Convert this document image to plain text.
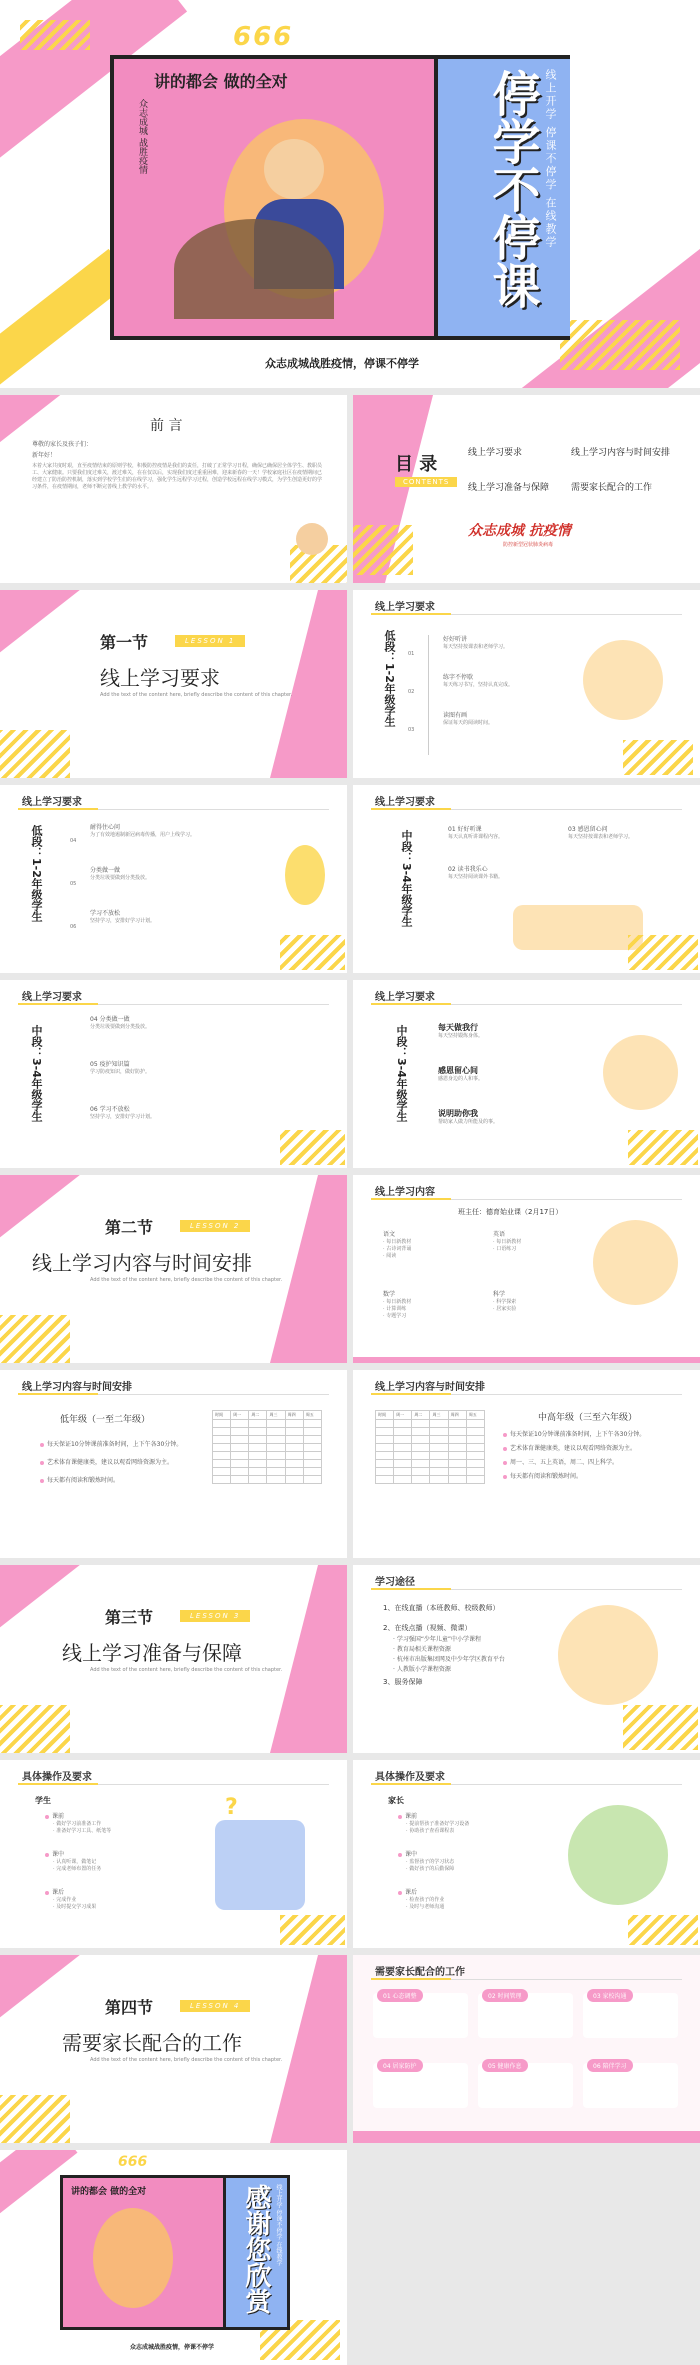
666
讲的都会 做的全对
众志成城 战胜疫情	停学不停课 线上开学 停课不停学 在线教学
众志成城战胜疫情，停课不停学
前 言
尊敬的家长及孩子们：
新年好！
本着大家共度时艰，直至疫情结束的原则学校，积极防控疫情是我们的责任，打破了正常学习日程，确保已确保居全体学生、教职员工、大家健康。只要我们度过难关，渡过难关，在在仅以后，实现我们度过重重困难，迎来新春的一天！学校家庭社区在疫情期间已经建立了防治防控机制，落实到学校学生们的在线学习，强化学生远程学习过程，创造学校远程在线学习模式，为学生创造更好的学习条件，在疫情期间，老师不断完善线上教学的水平。
目 录
CONTENTS
线上学习要求	线上学习内容与时间安排
线上学习准备与保障 需要家长配合的工作
众志成城 抗疫情
防控新型冠状肺炎病毒
第一节	LESSON 1
线上学习要求
Add the text of the content here, briefly describe the content of this chapter.
线上学习要求
低段：1-2年级学生 01
好好听讲
每天坚持按课表和老师学习。
02
练字不停歇
每天练习书写，坚持认真完成。
03
读图有画
保证每天的阅读时间。
线上学习要求
低段：1-2年级学生	04
耐得住心问
为了有效地遏制新冠病毒传播，用户上线学习。
05
分类做一做
分类垃圾要做到分类投放。
06
学习不放松
坚持学习，安排好学习计划。
线上学习要求
中段：3-4年级学生
01 好好听课
每天认真听讲课程内容。
02 读书我乐心
每天坚持阅读课外书籍。
03 感恩留心问
每天坚持按课表和老师学习。
线上学习要求
中段：3-4年级学生
04 分类做一做
分类垃圾要做到分类投放。
05 疫护知识篇
学习防疫知识，做好防护。
06 学习不放松
坚持学习，安排好学习计划。
线上学习要求
中段：3-4年级学生	每天做我行
每天坚持锻炼身体。
感恩留心间
感恩身边的人和事。
说明助你我
帮助家人做力所能及的事。
第二节	LESSON 2
线上学习内容与时间安排
Add the text of the content here, briefly describe the content of this chapter.
线上学习内容
班主任：德育始业课（2月17日）
语文
· 每日新教材
· 古诗词背诵
· 阅读
数学
· 每日新教材
· 计算训练
· 专题学习
英语
· 每日新教材
· 口语练习
科学
· 科学探索
· 居家实验
线上学习内容与时间安排
低年级（一至二年级）
每天保证10分钟课前准备时间，上下午各30分钟。
艺术体育课健康类，建议以观看网络资源为主。
每天都有阅读和锻炼时间。
时间	周一	周二	周三	周四	周五

线上学习内容与时间安排
时间	周一	周二	周三	周四	周五

						中高年级（三至六年级）
每天保证10分钟课前准备时间，上下午各30分钟。
艺术体育课健康类，建议以观看网络资源为主。
周一、三、五上英语，周二、四上科学。
每天都有阅读和锻炼时间。
第三节	LESSON 3
线上学习准备与保障
Add the text of the content here, briefly describe the content of this chapter.
学习途径
1、在线直播（本班教师、校级教师）
2、在线点播（视频、微课）
· 学习强国“少年儿童”中小学课程
· 教育局相关课程资源
· 杭州市出版集团网及中少年学区教育平台
· 人教版小学课程资源
3、服务保障
具体操作及要求
学生
课前
· 做好学习前准备工作
· 准备好学习工具、纸笔等
课中
· 认真听课，做笔记
· 完成老师布置的任务
课后
· 完成作业
· 及时提交学习成果
?
具体操作及要求
家长
课前
· 提前帮孩子准备好学习设备
· 协助孩子查看课程表
课中
· 监督孩子的学习状态
· 做好孩子的后勤保障
课后
· 检查孩子的作业
· 及时与老师沟通
第四节	LESSON 4
需要家长配合的工作
Add the text of the content here, briefly describe the content of this chapter.
需要家长配合的工作
01 心态调整	02 时间管理	03 家校沟通
04 居家防护	05 健康作息	06 陪伴学习
666
讲的都会 做的全对	感谢您欣赏 线上开学 停课不停学 在线教学
众志成城战胜疫情，停课不停学
